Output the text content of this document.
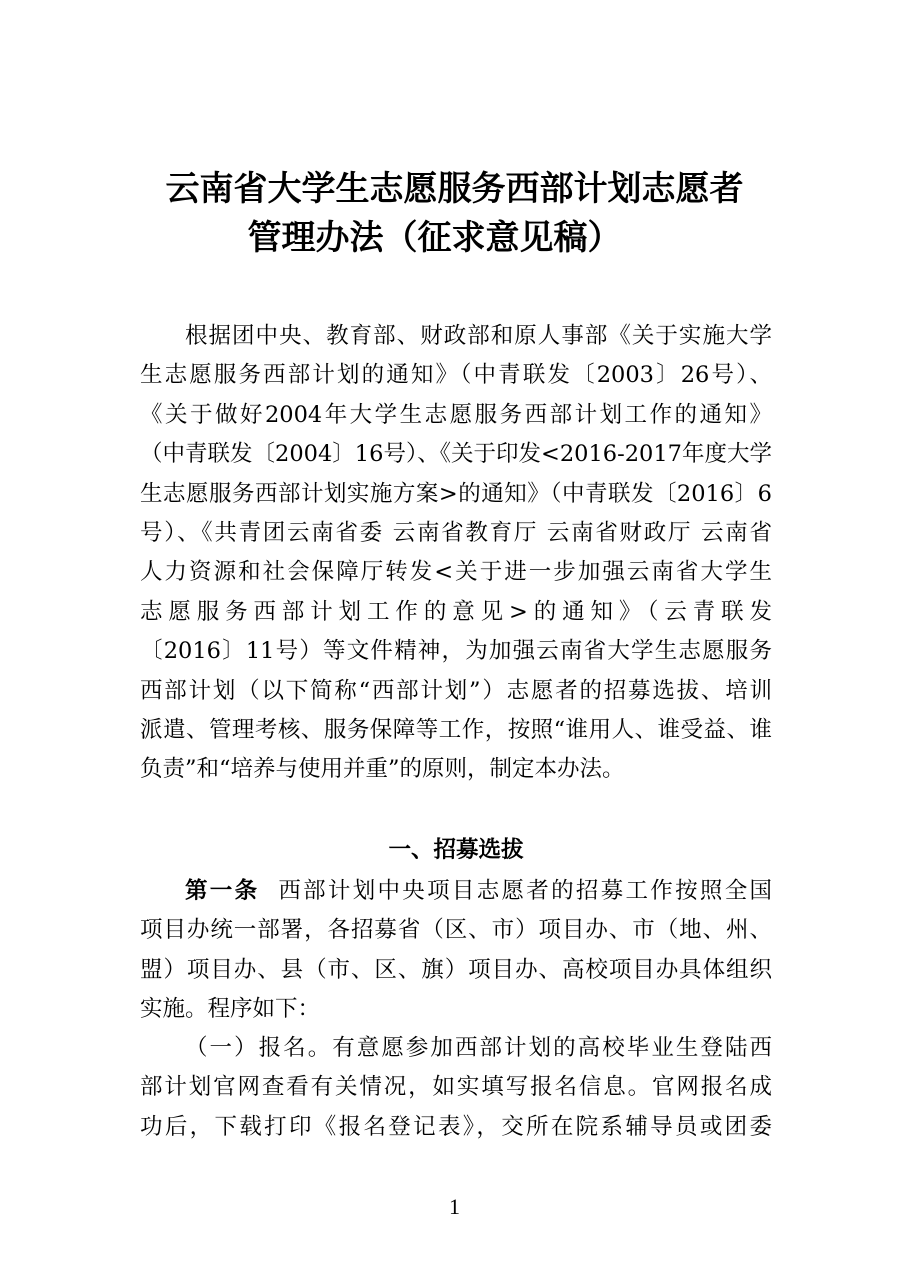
云南省大学生志愿服务西部计划志愿者
管理办法（征求意见稿）
根据团中央、教育部、财政部和原人事部《关于实施大学
生志愿服务西部计划的通知》（中青联发〔2003〕26号）、
《关于做好2004年大学生志愿服务西部计划工作的通知》
（中青联发〔2004〕16号）、《关于印发<2016-2017年度大学
生志愿服务西部计划实施方案>的通知》（中青联发〔2016〕6
号）、《共青团云南省委 云南省教育厅 云南省财政厅 云南省
人力资源和社会保障厅转发<关于进一步加强云南省大学生
志愿服务西部计划工作的意见>的通知》（云青联发
〔2016〕11号）等文件精神，为加强云南省大学生志愿服务
西部计划（以下简称“西部计划”）志愿者的招募选拔、培训
派遣、管理考核、服务保障等工作，按照“谁用人、谁受益、谁
负责”和“培养与使用并重”的原则，制定本办法。
一、招募选拔
第一条 西部计划中央项目志愿者的招募工作按照全国
项目办统一部署，各招募省（区、市）项目办、市（地、州、
盟）项目办、县（市、区、旗）项目办、高校项目办具体组织
实施。程序如下：
（一）报名。有意愿参加西部计划的高校毕业生登陆西
部计划官网查看有关情况，如实填写报名信息。官网报名成
功后，下载打印《报名登记表》，交所在院系辅导员或团委
1
